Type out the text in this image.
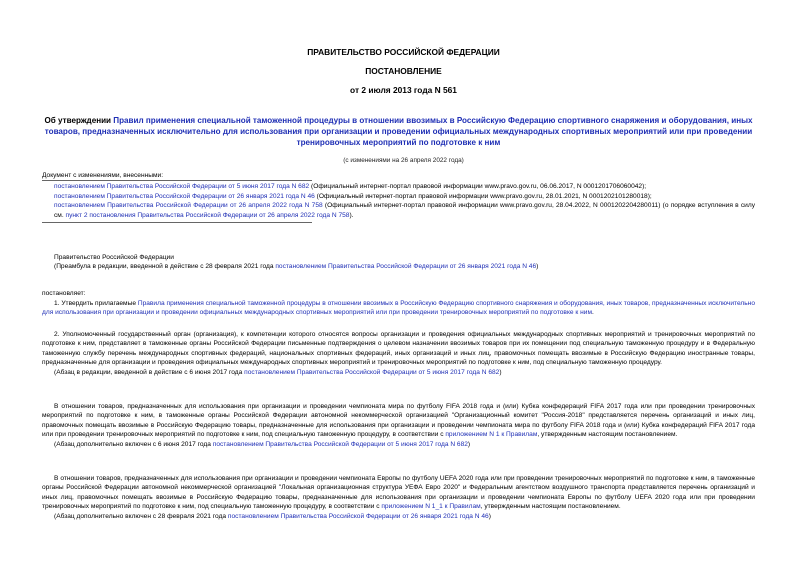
ПРАВИТЕЛЬСТВО РОССИЙСКОЙ ФЕДЕРАЦИИ
ПОСТАНОВЛЕНИЕ
от 2 июля 2013 года N 561
Об утверждении Правил применения специальной таможенной процедуры в отношении ввозимых в Российскую Федерацию спортивного снаряжения и оборудования, иных товаров, предназначенных исключительно для использования при организации и проведении официальных международных спортивных мероприятий или при проведении тренировочных мероприятий по подготовке к ним
(с изменениями на 26 апреля 2022 года)

Документ с изменениями, внесенными:

постановлением Правительства Российской Федерации от 5 июня 2017 года N 682 (Официальный интернет-портал правовой информации www.pravo.gov.ru, 06.06.2017, N 0001201706060042);

постановлением Правительства Российской Федерации от 26 января 2021 года N 46 (Официальный интернет-портал правовой информации www.pravo.gov.ru, 28.01.2021, N 0001202101280018);

постановлением Правительства Российской Федерации от 26 апреля 2022 года N 758 (Официальный интернет-портал правовой информации www.pravo.gov.ru, 28.04.2022, N 0001202204280011) (о порядке вступления в силу см. пункт 2 постановления Правительства Российской Федерации от 26 апреля 2022 года N 758).

Правительство Российской Федерации

(Преамбула в редакции, введенной в действие с 28 февраля 2021 года постановлением Правительства Российской Федерации от 26 января 2021 года N 46)

постановляет:

1. Утвердить прилагаемые Правила применения специальной таможенной процедуры в отношении ввозимых в Российскую Федерацию спортивного снаряжения и оборудования, иных товаров, предназначенных исключительно для использования при организации и проведении официальных международных спортивных мероприятий или при проведении тренировочных мероприятий по подготовке к ним.

2. Уполномоченный государственный орган (организация), к компетенции которого относятся вопросы организации и проведения официальных международных спортивных мероприятий и тренировочных мероприятий по подготовке к ним, представляет в таможенные органы Российской Федерации письменные подтверждения о целевом назначении ввозимых товаров при их помещении под специальную таможенную процедуру и в Федеральную таможенную службу перечень международных спортивных федераций, национальных спортивных федераций, иных организаций и иных лиц, правомочных помещать ввозимые в Российскую Федерацию иностранные товары, предназначенные для организации и проведения официальных международных спортивных мероприятий и тренировочных мероприятий по подготовке к ним, под специальную таможенную процедуру.

(Абзац в редакции, введенной в действие с 6 июня 2017 года постановлением Правительства Российской Федерации от 5 июня 2017 года N 682)

В отношении товаров, предназначенных для использования при организации и проведении чемпионата мира по футболу FIFA 2018 года и (или) Кубка конфедераций FIFA 2017 года или при проведении тренировочных мероприятий по подготовке к ним, в таможенные органы Российской Федерации автономной некоммерческой организацией "Организационный комитет "Россия-2018" представляется перечень организаций и иных лиц, правомочных помещать ввозимые в Российскую Федерацию товары, предназначенные для использования при организации и проведении чемпионата мира по футболу FIFA 2018 года и (или) Кубка конфедераций FIFA 2017 года или при проведении тренировочных мероприятий по подготовке к ним, под специальную таможенную процедуру, в соответствии с приложением N 1 к Правилам, утвержденным настоящим постановлением.

(Абзац дополнительно включен с 6 июня 2017 года постановлением Правительства Российской Федерации от 5 июня 2017 года N 682)

В отношении товаров, предназначенных для использования при организации и проведении чемпионата Европы по футболу UEFA 2020 года или при проведении тренировочных мероприятий по подготовке к ним, в таможенные органы Российской Федерации автономной некоммерческой организацией "Локальная организационная структура УЕФА Евро 2020" и Федеральным агентством воздушного транспорта представляется перечень организаций и иных лиц, правомочных помещать ввозимые в Российскую Федерацию товары, предназначенные для использования при организации и проведении чемпионата Европы по футболу UEFA 2020 года или при проведении тренировочных мероприятий по подготовке к ним, под специальную таможенную процедуру, в соответствии с приложением N 1_1 к Правилам, утвержденным настоящим постановлением.

(Абзац дополнительно включен с 28 февраля 2021 года постановлением Правительства Российской Федерации от 26 января 2021 года N 46)
